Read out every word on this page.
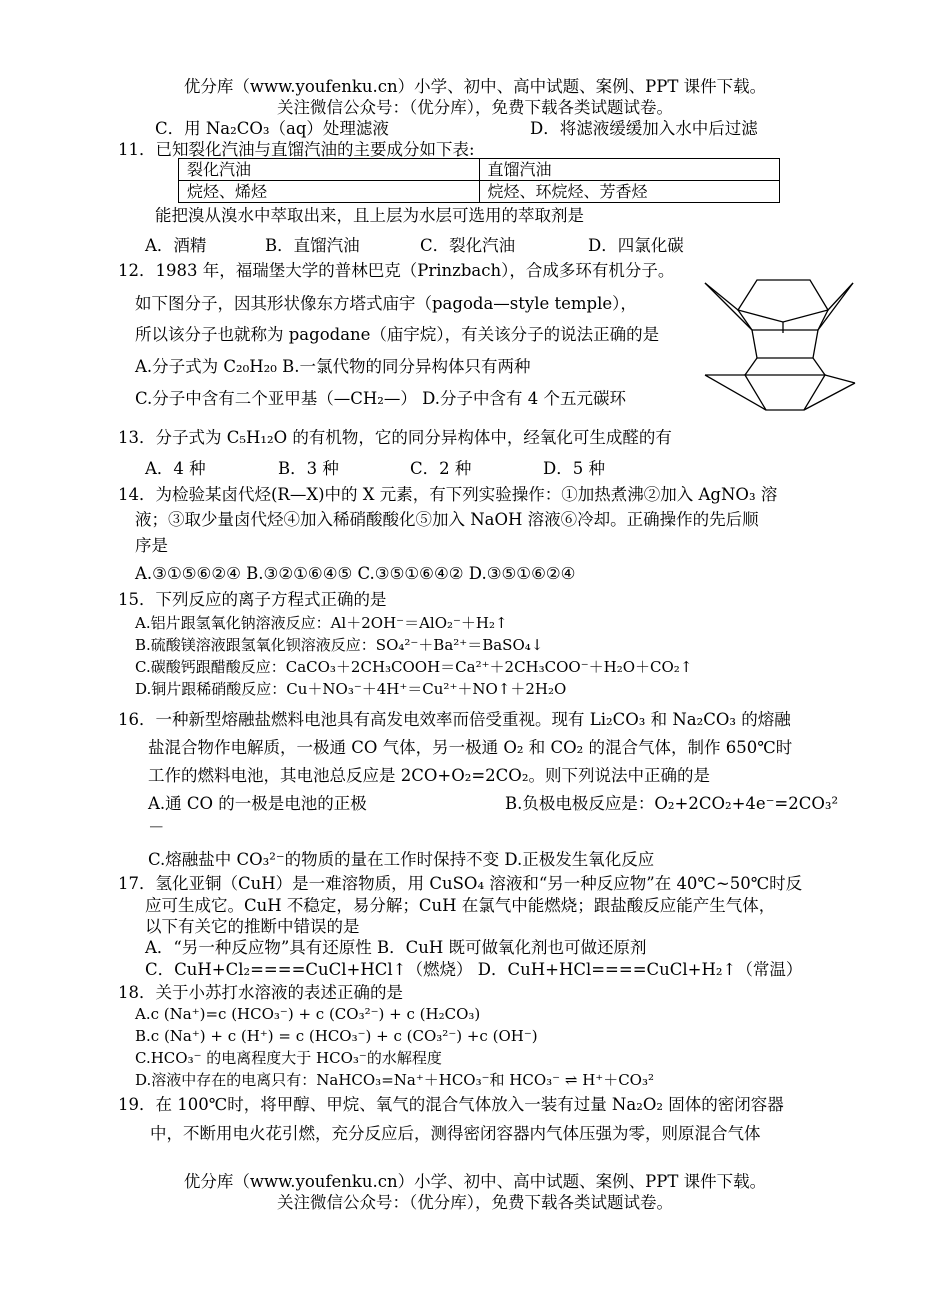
优分库（www.youfenku.cn）小学、初中、高中试题、案例、PPT 课件下载。
关注微信公众号：（优分库），免费下载各类试题试卷。
C．用 Na₂CO₃（aq）处理滤液	D．将滤液缓缓加入水中后过滤
11．已知裂化汽油与直馏汽油的主要成分如下表:
裂化汽油	直馏汽油
烷烃、烯烃	烷烃、环烷烃、芳香烃
能把溴从溴水中萃取出来，且上层为水层可选用的萃取剂是
A．酒精	B．直馏汽油	C．裂化汽油	D．四氯化碳
12．1983 年，福瑞堡大学的普林巴克（Prinzbach），合成多环有机分子。
如下图分子，因其形状像东方塔式庙宇（pagoda—style temple），
所以该分子也就称为 pagodane（庙宇烷），有关该分子的说法正确的是
A.分子式为 C₂₀H₂₀ B.一氯代物的同分异构体只有两种
C.分子中含有二个亚甲基（—CH₂—） D.分子中含有 4 个五元碳环
13．分子式为 C₅H₁₂O 的有机物，它的同分异构体中，经氧化可生成醛的有
A．4 种	B．3 种	C．2 种	D．5 种
14．为检验某卤代烃(R—X)中的 X 元素，有下列实验操作：①加热煮沸②加入 AgNO₃ 溶
液；③取少量卤代烃④加入稀硝酸酸化⑤加入 NaOH 溶液⑥冷却。正确操作的先后顺
序是
A.③①⑤⑥②④ B.③②①⑥④⑤ C.③⑤①⑥④② D.③⑤①⑥②④
15．下列反应的离子方程式正确的是
A.铝片跟氢氧化钠溶液反应：Al＋2OH⁻＝AlO₂⁻＋H₂↑
B.硫酸镁溶液跟氢氧化钡溶液反应：SO₄²⁻＋Ba²⁺＝BaSO₄↓
C.碳酸钙跟醋酸反应：CaCO₃＋2CH₃COOH＝Ca²⁺＋2CH₃COO⁻＋H₂O＋CO₂↑
D.铜片跟稀硝酸反应：Cu＋NO₃⁻＋4H⁺＝Cu²⁺＋NO↑＋2H₂O
16．一种新型熔融盐燃料电池具有高发电效率而倍受重视。现有 Li₂CO₃ 和 Na₂CO₃ 的熔融
盐混合物作电解质，一极通 CO 气体，另一极通 O₂ 和 CO₂ 的混合气体，制作 650℃时
工作的燃料电池，其电池总反应是 2CO+O₂=2CO₂。则下列说法中正确的是
A.通 CO 的一极是电池的正极	B.负极电极反应是：O₂+2CO₂+4e⁻=2CO₃²
－
C.熔融盐中 CO₃²⁻的物质的量在工作时保持不变 D.正极发生氧化反应
17．氢化亚铜（CuH）是一难溶物质，用 CuSO₄ 溶液和“另一种反应物”在 40℃~50℃时反
应可生成它。CuH 不稳定，易分解；CuH 在氯气中能燃烧；跟盐酸反应能产生气体，
以下有关它的推断中错误的是
A．“另一种反应物”具有还原性 B．CuH 既可做氧化剂也可做还原剂
C．CuH+Cl₂====CuCl+HCl↑（燃烧） D．CuH+HCl====CuCl+H₂↑（常温）
18．关于小苏打水溶液的表述正确的是
A.c (Na⁺)=c (HCO₃⁻) + c (CO₃²⁻) + c (H₂CO₃)
B.c (Na⁺) + c (H⁺) = c (HCO₃⁻) + c (CO₃²⁻) +c (OH⁻)
C.HCO₃⁻ 的电离程度大于 HCO₃⁻的水解程度
D.溶液中存在的电离只有：NaHCO₃=Na⁺＋HCO₃⁻和 HCO₃⁻ ⇌ H⁺＋CO₃²
19．在 100℃时，将甲醇、甲烷、氧气的混合气体放入一装有过量 Na₂O₂ 固体的密闭容器
中，不断用电火花引燃，充分反应后，测得密闭容器内气体压强为零，则原混合气体
优分库（www.youfenku.cn）小学、初中、高中试题、案例、PPT 课件下载。
关注微信公众号：（优分库），免费下载各类试题试卷。
